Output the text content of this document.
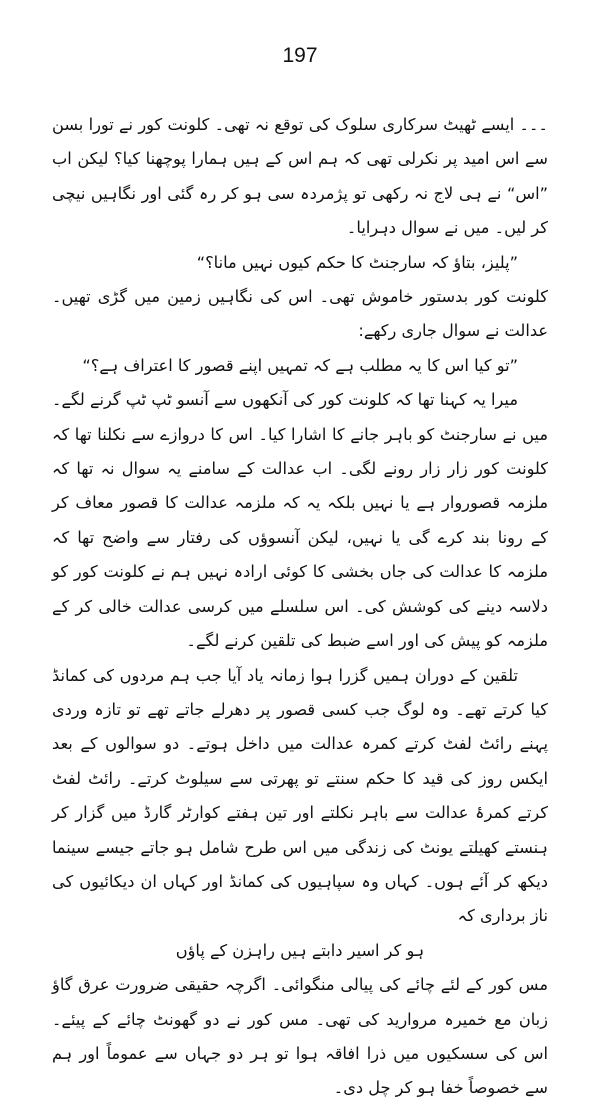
197

۔۔۔ ایسے ٹھیٹ سرکاری سلوک کی توقع نہ تھی۔ کلونت کور نے تورا بسن سے اس امید پر نکرلی تھی کہ ہم اس کے ہیں ہمارا پوچھنا کیا؟ لیکن اب ”اس“ نے ہی لاج نہ رکھی تو پژمردہ سی ہو کر رہ گئی اور نگاہیں نیچی کر لیں۔ میں نے سوال دہرایا۔

”پلیز، بتاؤ کہ سارجنٹ کا حکم کیوں نہیں مانا؟“

کلونت کور بدستور خاموش تھی۔ اس کی نگاہیں زمین میں گڑی تھیں۔ عدالت نے سوال جاری رکھے:

”تو کیا اس کا یہ مطلب ہے کہ تمہیں اپنے قصور کا اعتراف ہے؟“

میرا یہ کہنا تھا کہ کلونت کور کی آنکھوں سے آنسو ٹپ ٹپ گرنے لگے۔ میں نے سارجنٹ کو باہر جانے کا اشارا کیا۔ اس کا دروازے سے نکلنا تھا کہ کلونت کور زار زار رونے لگی۔ اب عدالت کے سامنے یہ سوال نہ تھا کہ ملزمہ قصوروار ہے یا نہیں بلکہ یہ کہ ملزمہ عدالت کا قصور معاف کر کے رونا بند کرے گی یا نہیں، لیکن آنسوؤں کی رفتار سے واضح تھا کہ ملزمہ کا عدالت کی جاں بخشی کا کوئی ارادہ نہیں ہم نے کلونت کور کو دلاسہ دینے کی کوشش کی۔ اس سلسلے میں کرسی عدالت خالی کر کے ملزمہ کو پیش کی اور اسے ضبط کی تلقین کرنے لگے۔

تلقین کے دوران ہمیں گزرا ہوا زمانہ یاد آیا جب ہم مردوں کی کمانڈ کیا کرتے تھے۔ وہ لوگ جب کسی قصور پر دھرلے جاتے تھے تو تازہ وردی پہنے رائٹ لفٹ کرتے کمرہ عدالت میں داخل ہوتے۔ دو سوالوں کے بعد ایکس روز کی قید کا حکم سنتے تو پھرتی سے سیلوٹ کرتے۔ رائٹ لفٹ کرتے کمرۂ عدالت سے باہر نکلتے اور تین ہفتے کوارٹر گارڈ میں گزار کر ہنستے کھیلتے یونٹ کی زندگی میں اس طرح شامل ہو جاتے جیسے سینما دیکھ کر آئے ہوں۔ کہاں وہ سپاہیوں کی کمانڈ اور کہاں ان دیکائیوں کی ناز برداری کہ

ہو کر اسیر دابتے ہیں راہزن کے پاؤں

مس کور کے لئے چائے کی پیالی منگوائی۔ اگرچہ حقیقی ضرورت عرق گاؤ زبان مع خمیرہ مروارید کی تھی۔ مس کور نے دو گھونٹ چائے کے پیئے۔ اس کی سسکیوں میں ذرا افاقہ ہوا تو ہر دو جہاں سے عموماً اور ہم سے خصوصاً خفا ہو کر چل دی۔
